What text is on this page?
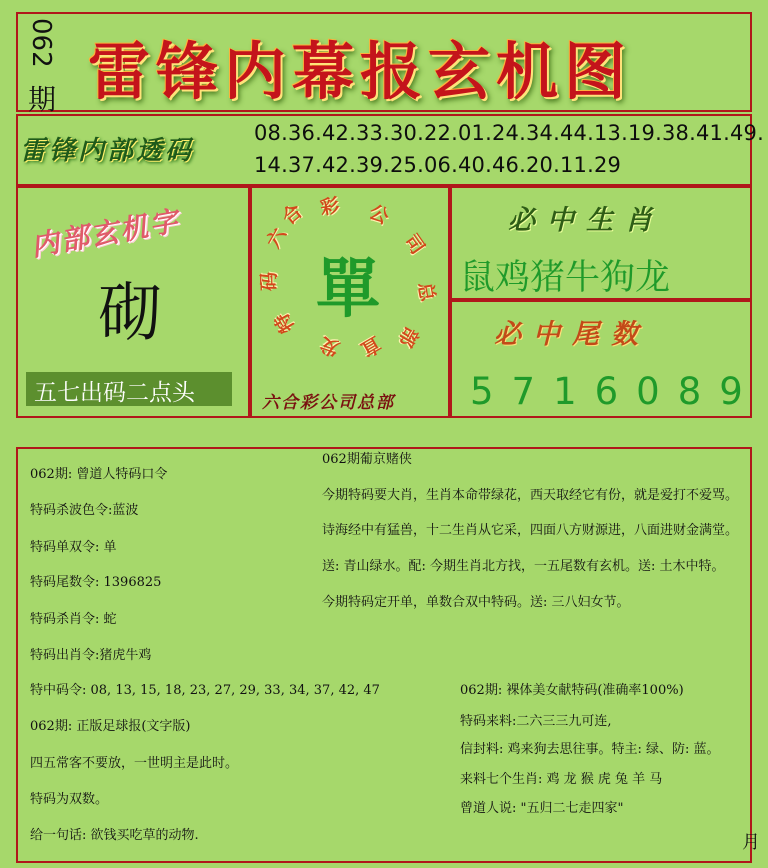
062
期 雷锋内幕报玄机图
雷锋内部透码
08.36.42.33.30.22.01.24.34.44.13.19.38.41.49.
14.37.42.39.25.06.40.46.20.11.29
内部玄机字
砌
五七出码二点头
六
合 彩 公
司
总
部
直
发
特
码 單
六合彩公司总部
必中生肖
鼠鸡猪牛狗龙
必中尾数
5716089
062期: 曾道人特码口令
特码杀波色令:蓝波
特码单双令: 单
特码尾数令: 1396825
特码杀肖令: 蛇
特码出肖令:猪虎牛鸡
特中码令: 08, 13, 15, 18, 23, 27, 29, 33, 34, 37, 42, 47
062期: 正版足球报(文字版)
四五常客不要放，一世明主是此时。
特码为双数。
给一句话: 欲钱买吃草的动物.
062期葡京赌侠
今期特码要大肖，生肖本命带绿花，西天取经它有份，就是爱打不爱骂。
诗海经中有猛兽，十二生肖从它采，四面八方财源进，八面进财金满堂。
送: 青山绿水。配: 今期生肖北方找，一五尾数有玄机。送: 土木中特。
今期特码定开单，单数合双中特码。送: 三八妇女节。
062期: 裸体美女献特码(准确率100%)
特码来料:二六三三九可连,
信封料: 鸡来狗去思往事。特主: 绿、防: 蓝。
来料七个生肖: 鸡 龙 猴 虎 兔 羊 马
曾道人说: "五归二七走四家"
月
